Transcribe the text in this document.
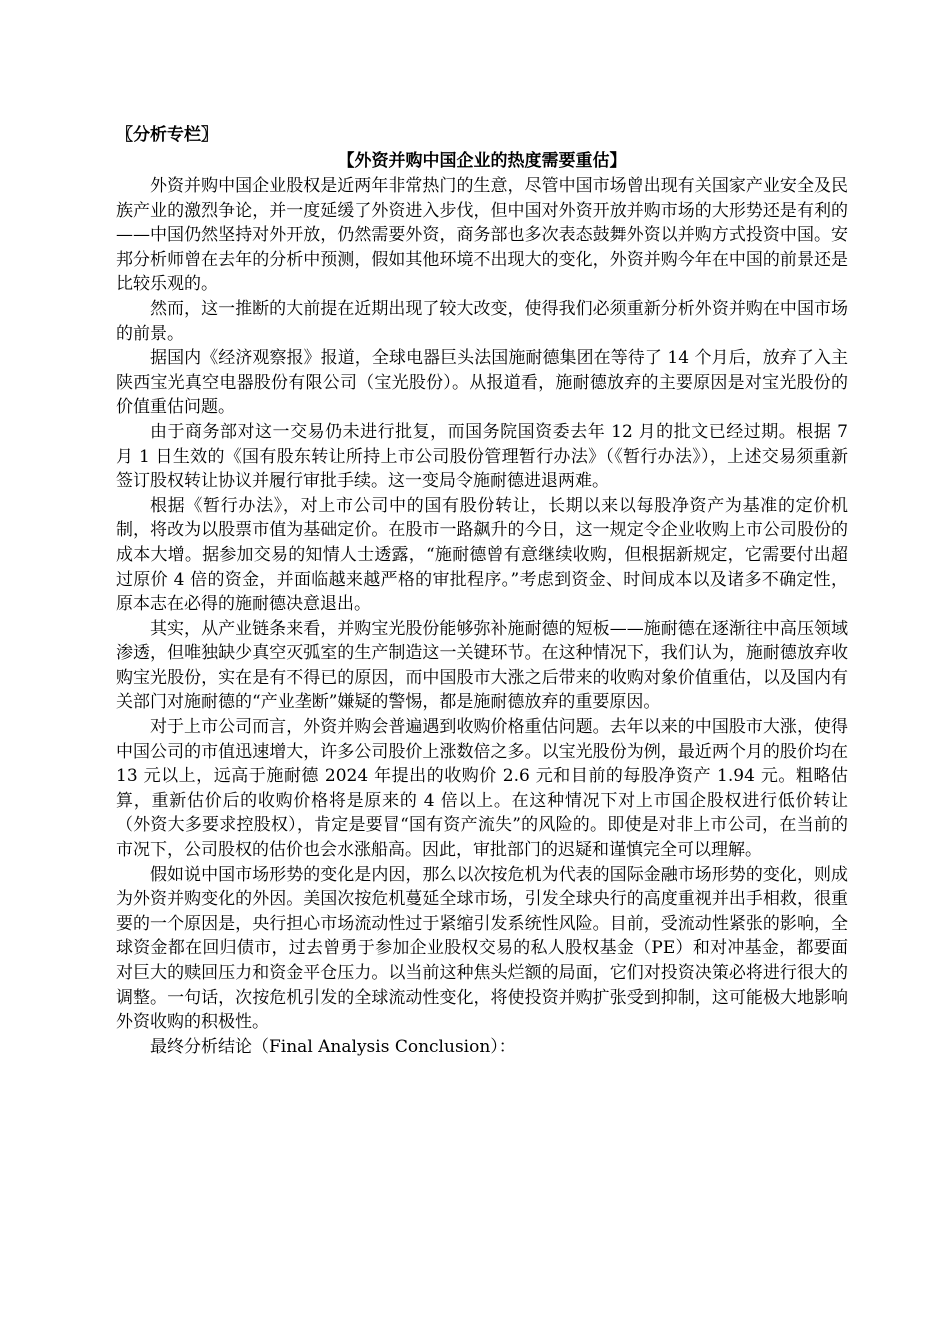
〖分析专栏〗

【外资并购中国企业的热度需要重估】

外资并购中国企业股权是近两年非常热门的生意，尽管中国市场曾出现有关国家产业安全及民族产业的激烈争论，并一度延缓了外资进入步伐，但中国对外资开放并购市场的大形势还是有利的——中国仍然坚持对外开放，仍然需要外资，商务部也多次表态鼓舞外资以并购方式投资中国。安邦分析师曾在去年的分析中预测，假如其他环境不出现大的变化，外资并购今年在中国的前景还是比较乐观的。

然而，这一推断的大前提在近期出现了较大改变，使得我们必须重新分析外资并购在中国市场的前景。

据国内《经济观察报》报道，全球电器巨头法国施耐德集团在等待了 14 个月后，放弃了入主陕西宝光真空电器股份有限公司（宝光股份）。从报道看，施耐德放弃的主要原因是对宝光股份的价值重估问题。

由于商务部对这一交易仍未进行批复，而国务院国资委去年 12 月的批文已经过期。根据 7 月 1 日生效的《国有股东转让所持上市公司股份管理暂行办法》（《暂行办法》），上述交易须重新签订股权转让协议并履行审批手续。这一变局令施耐德进退两难。

根据《暂行办法》，对上市公司中的国有股份转让，长期以来以每股净资产为基准的定价机制，将改为以股票市值为基础定价。在股市一路飙升的今日，这一规定令企业收购上市公司股份的成本大增。据参加交易的知情人士透露，“施耐德曾有意继续收购，但根据新规定，它需要付出超过原价 4 倍的资金，并面临越来越严格的审批程序。”考虑到资金、时间成本以及诸多不确定性，原本志在必得的施耐德决意退出。

其实，从产业链条来看，并购宝光股份能够弥补施耐德的短板——施耐德在逐渐往中高压领域渗透，但唯独缺少真空灭弧室的生产制造这一关键环节。在这种情况下，我们认为，施耐德放弃收购宝光股份，实在是有不得已的原因，而中国股市大涨之后带来的收购对象价值重估，以及国内有关部门对施耐德的“产业垄断”嫌疑的警惕，都是施耐德放弃的重要原因。

对于上市公司而言，外资并购会普遍遇到收购价格重估问题。去年以来的中国股市大涨，使得中国公司的市值迅速增大，许多公司股价上涨数倍之多。以宝光股份为例，最近两个月的股价均在 13 元以上，远高于施耐德 2024 年提出的收购价 2.6 元和目前的每股净资产 1.94 元。粗略估算，重新估价后的收购价格将是原来的 4 倍以上。在这种情况下对上市国企股权进行低价转让（外资大多要求控股权），肯定是要冒“国有资产流失”的风险的。即使是对非上市公司，在当前的市况下，公司股权的估价也会水涨船高。因此，审批部门的迟疑和谨慎完全可以理解。

假如说中国市场形势的变化是内因，那么以次按危机为代表的国际金融市场形势的变化，则成为外资并购变化的外因。美国次按危机蔓延全球市场，引发全球央行的高度重视并出手相救，很重要的一个原因是，央行担心市场流动性过于紧缩引发系统性风险。目前，受流动性紧张的影响，全球资金都在回归债市，过去曾勇于参加企业股权交易的私人股权基金（PE）和对冲基金，都要面对巨大的赎回压力和资金平仓压力。以当前这种焦头烂额的局面，它们对投资决策必将进行很大的调整。一句话，次按危机引发的全球流动性变化，将使投资并购扩张受到抑制，这可能极大地影响外资收购的积极性。

最终分析结论（Final Analysis Conclusion）：
